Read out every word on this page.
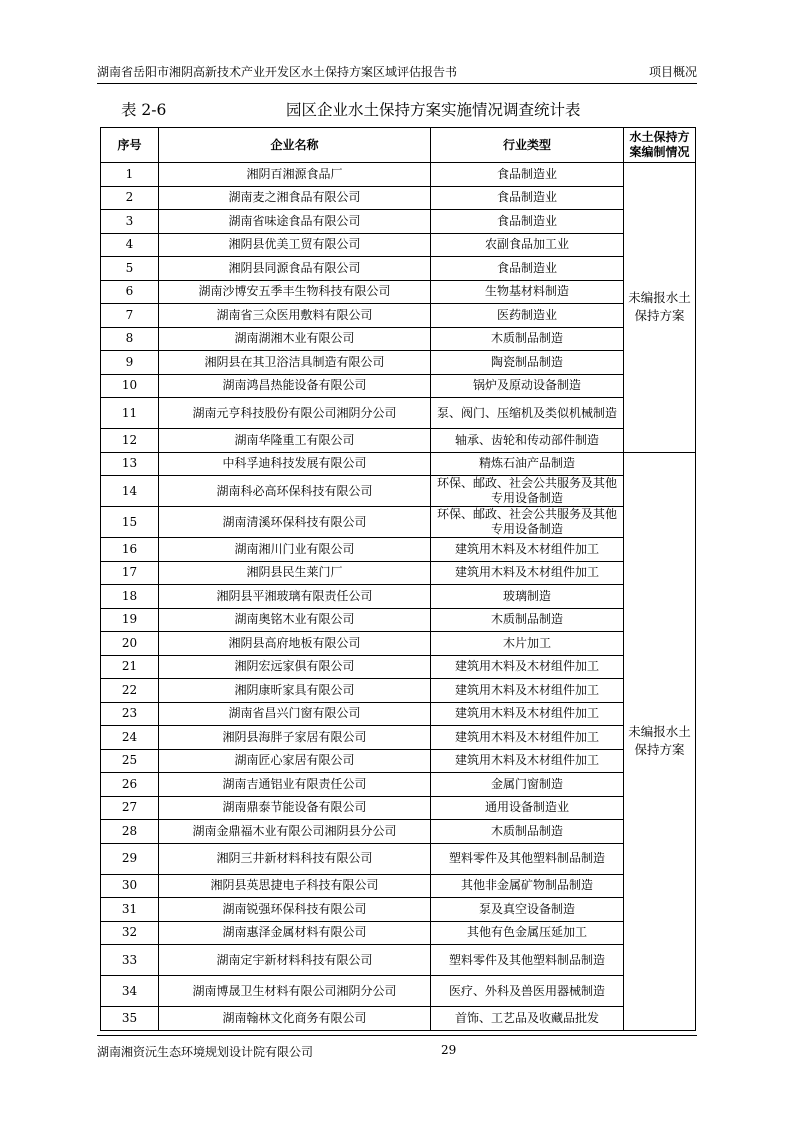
湖南省岳阳市湘阴高新技术产业开发区水土保持方案区域评估报告书	项目概况
表 2-6	园区企业水土保持方案实施情况调查统计表
序号	企业名称	行业类型	水土保持方案编制情况
1	湘阴百湘源食品厂	食品制造业	未编报水土保持方案
2	湖南麦之湘食品有限公司	食品制造业	
3	湖南省味途食品有限公司	食品制造业	
4	湘阴县优美工贸有限公司	农副食品加工业	
5	湘阴县同源食品有限公司	食品制造业	
6	湖南沙博安五季丰生物科技有限公司	生物基材料制造	
7	湖南省三众医用敷料有限公司	医药制造业	
8	湖南湖湘木业有限公司	木质制品制造	
9	湘阴县在其卫浴洁具制造有限公司	陶瓷制品制造	
10	湖南鸿昌热能设备有限公司	锅炉及原动设备制造	
11	湖南元亨科技股份有限公司湘阴分公司	泵、阀门、压缩机及类似机械制造	
12	湖南华隆重工有限公司	轴承、齿轮和传动部件制造	
13	中科孚迪科技发展有限公司	精炼石油产品制造	未编报水土保持方案
14	湖南科必高环保科技有限公司	环保、邮政、社会公共服务及其他专用设备制造	
15	湖南清溪环保科技有限公司	环保、邮政、社会公共服务及其他专用设备制造	
16	湖南湘川门业有限公司	建筑用木料及木材组件加工	
17	湘阴县民生莱门厂	建筑用木料及木材组件加工	
18	湘阴县平湘玻璃有限责任公司	玻璃制造	
19	湖南奥铭木业有限公司	木质制品制造	
20	湘阴县高府地板有限公司	木片加工	
21	湘阴宏远家俱有限公司	建筑用木料及木材组件加工	
22	湘阴康昕家具有限公司	建筑用木料及木材组件加工	
23	湖南省昌兴门窗有限公司	建筑用木料及木材组件加工	
24	湘阴县海胖子家居有限公司	建筑用木料及木材组件加工	
25	湖南匠心家居有限公司	建筑用木料及木材组件加工	
26	湖南吉通铝业有限责任公司	金属门窗制造	
27	湖南鼎泰节能设备有限公司	通用设备制造业	
28	湖南金鼎福木业有限公司湘阴县分公司	木质制品制造	
29	湘阴三井新材料科技有限公司	塑料零件及其他塑料制品制造	
30	湘阴县英思捷电子科技有限公司	其他非金属矿物制品制造	
31	湖南锐强环保科技有限公司	泵及真空设备制造	
32	湖南惠泽金属材料有限公司	其他有色金属压延加工	
33	湖南定宇新材料科技有限公司	塑料零件及其他塑料制品制造	
34	湖南博晟卫生材料有限公司湘阴分公司	医疗、外科及兽医用器械制造	
35	湖南翰林文化商务有限公司	首饰、工艺品及收藏品批发	
湖南湘资沅生态环境规划设计院有限公司	29
